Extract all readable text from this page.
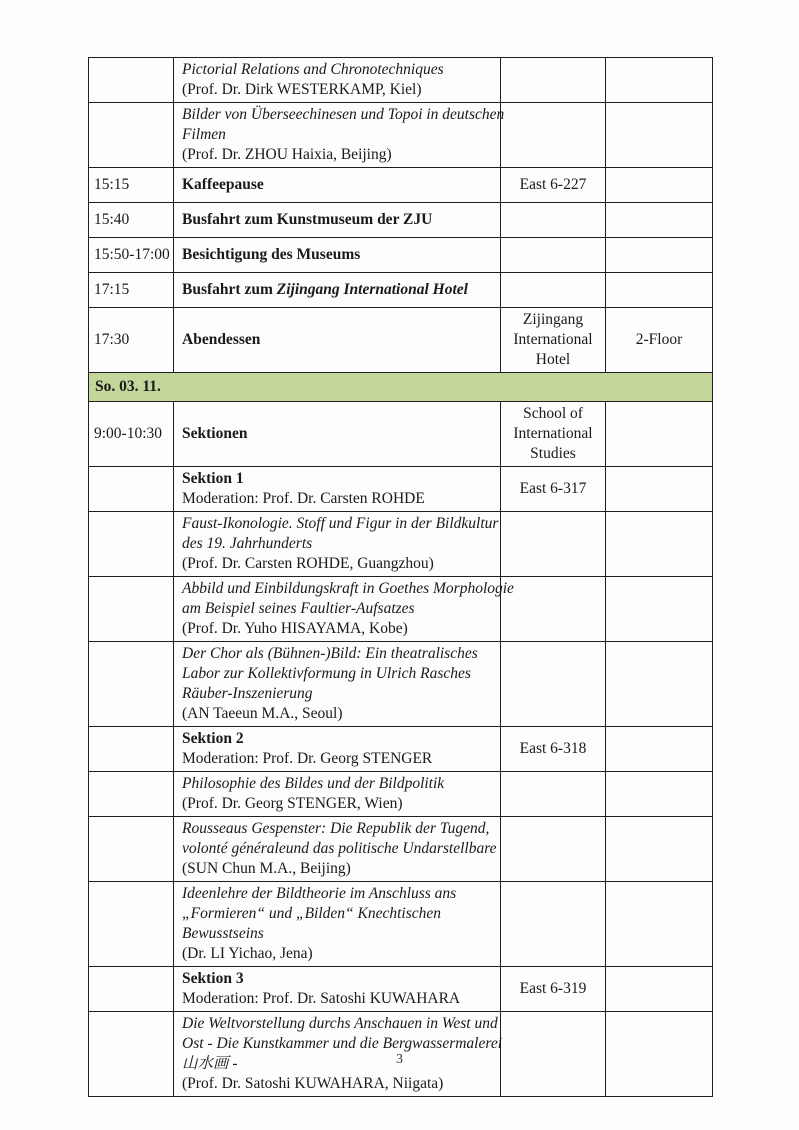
	Pictorial Relations and Chronotechniques
(Prof. Dr. Dirk WESTERKAMP, Kiel)		

	Bilder von Überseechinesen und Topoi in deutschen
Filmen
(Prof. Dr. ZHOU Haixia, Beijing)		

15:15	Kaffeepause	East 6-227	
15:40	Busfahrt zum Kunstmuseum der ZJU		

15:50-17:00	Besichtigung des Museums		

17:15	Busfahrt zum Zijingang International Hotel		

17:30	Abendessen	Zijingang International Hotel	2-Floor
So. 03. 11.			
9:00-10:30	Sektionen	School of International Studies	

	Sektion 1
Moderation: Prof. Dr. Carsten ROHDE	East 6-317	

	Faust-Ikonologie. Stoff und Figur in der Bildkultur
des 19. Jahrhunderts
(Prof. Dr. Carsten ROHDE, Guangzhou)		

	Abbild und Einbildungskraft in Goethes Morphologie
am Beispiel seines Faultier-Aufsatzes
(Prof. Dr. Yuho HISAYAMA, Kobe)		

	Der Chor als (Bühnen-)Bild: Ein theatralisches
Labor zur Kollektivformung in Ulrich Rasches
Räuber-Inszenierung
(AN Taeeun M.A., Seoul)		

	Sektion 2
Moderation: Prof. Dr. Georg STENGER	East 6-318	

	Philosophie des Bildes und der Bildpolitik
(Prof. Dr. Georg STENGER, Wien)		

	Rousseaus Gespenster: Die Republik der Tugend,
volonté généraleund das politische Undarstellbare
(SUN Chun M.A., Beijing)		

	Ideenlehre der Bildtheorie im Anschluss ans
„Formieren“ und „Bilden“ Knechtischen
Bewusstseins
(Dr. LI Yichao, Jena)		

	Sektion 3
Moderation: Prof. Dr. Satoshi KUWAHARA	East 6-319	

	Die Weltvorstellung durchs Anschauen in West und
Ost - Die Kunstkammer und die Bergwassermalerei
山水画 -
(Prof. Dr. Satoshi KUWAHARA, Niigata)		

3
